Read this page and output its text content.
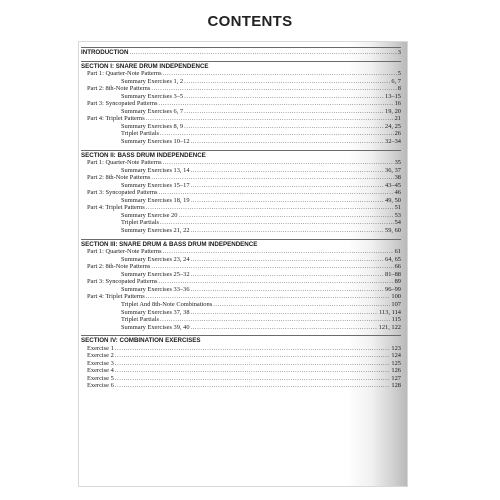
CONTENTS
INTRODUCTION .....	3
SECTION I: SNARE DRUM INDEPENDENCE
Part 1: Quarter-Note Patterns .....	5
Summary Exercises 1, 2 .....	6, 7
Part 2: 8th-Note Patterns .....	8
Summary Exercises 3–5 .....	13–15
Part 3: Syncopated Patterns .....	16
Summary Exercises 6, 7 .....	19, 20
Part 4: Triplet Patterns .....	21
Summary Exercises 8, 9 .....	24, 25
Triplet Partials .....	26
Summary Exercises 10–12 .....	32–34
SECTION II: BASS DRUM INDEPENDENCE
Part 1: Quarter-Note Patterns .....	35
Summary Exercises 13, 14 .....	36, 37
Part 2: 8th-Note Patterns .....	38
Summary Exercises 15–17 .....	43–45
Part 3: Syncopated Patterns .....	46
Summary Exercises 18, 19 .....	49, 50
Part 4: Triplet Patterns .....	51
Summary Exercise 20 .....	53
Triplet Partials .....	54
Summary Exercises 21, 22 .....	59, 60
SECTION III: SNARE DRUM & BASS DRUM INDEPENDENCE
Part 1: Quarter-Note Patterns .....	61
Summary Exercises 23, 24 .....	64, 65
Part 2: 8th-Note Patterns .....	66
Summary Exercises 25–32 .....	81–88
Part 3: Syncopated Patterns .....	89
Summary Exercises 33–36 .....	96–99
Part 4: Triplet Patterns .....	100
Triplet And 8th-Note Combinations .....	107
Summary Exercises 37, 38 .....	113, 114
Triplet Partials .....	115
Summary Exercises 39, 40 .....	121, 122
SECTION IV: COMBINATION EXERCISES
Exercise 1 .....	123
Exercise 2 .....	124
Exercise 3 .....	125
Exercise 4 .....	126
Exercise 5 .....	127
Exercise 6 .....	128
